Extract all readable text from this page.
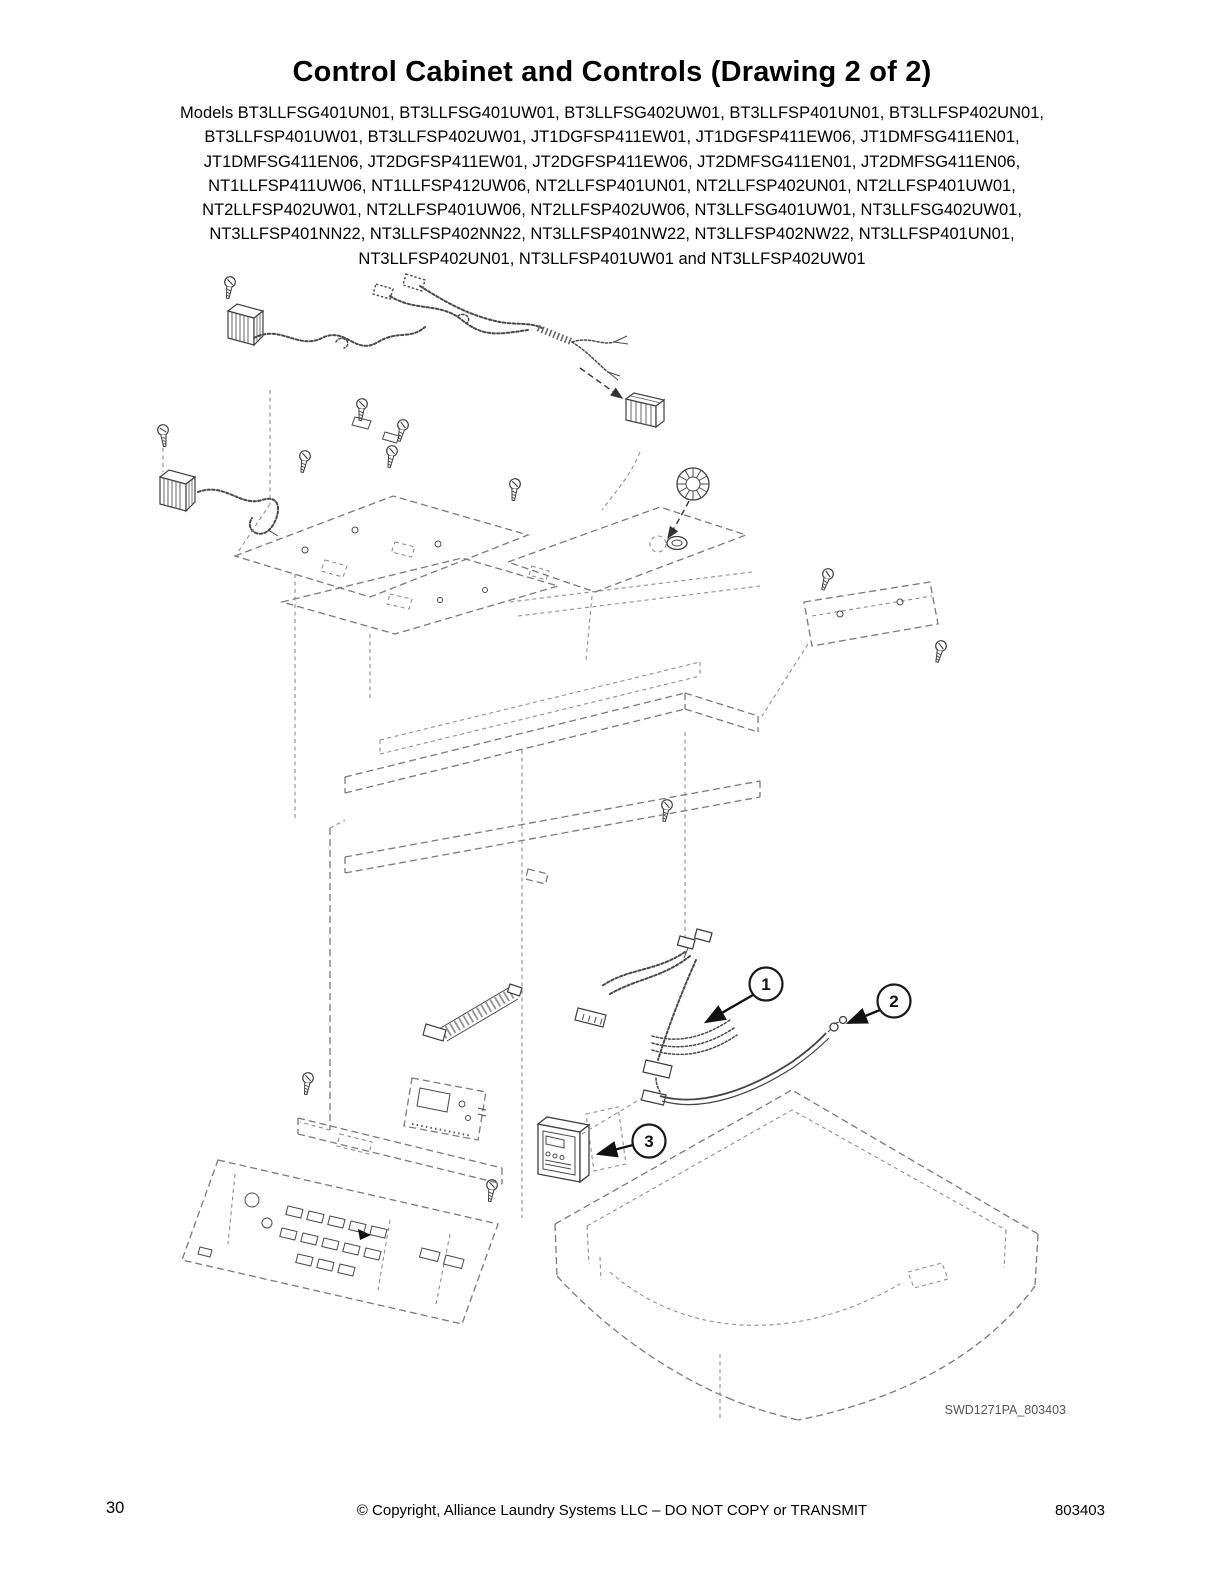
Control Cabinet and Controls (Drawing 2 of 2)
Models BT3LLFSG401UN01, BT3LLFSG401UW01, BT3LLFSG402UW01, BT3LLFSP401UN01, BT3LLFSP402UN01,
BT3LLFSP401UW01, BT3LLFSP402UW01, JT1DGFSP411EW01, JT1DGFSP411EW06, JT1DMFSG411EN01,
JT1DMFSG411EN06, JT2DGFSP411EW01, JT2DGFSP411EW06, JT2DMFSG411EN01, JT2DMFSG411EN06,
NT1LLFSP411UW06, NT1LLFSP412UW06, NT2LLFSP401UN01, NT2LLFSP402UN01, NT2LLFSP401UW01,
NT2LLFSP402UW01, NT2LLFSP401UW06, NT2LLFSP402UW06, NT3LLFSG401UW01, NT3LLFSG402UW01,
NT3LLFSP401NN22, NT3LLFSP402NN22, NT3LLFSP401NW22, NT3LLFSP402NW22, NT3LLFSP401UN01,
NT3LLFSP402UN01, NT3LLFSP401UW01 and NT3LLFSP402UW01
1
2
3
SWD1271PA_803403
30	© Copyright, Alliance Laundry Systems LLC – DO NOT COPY or TRANSMIT	803403
